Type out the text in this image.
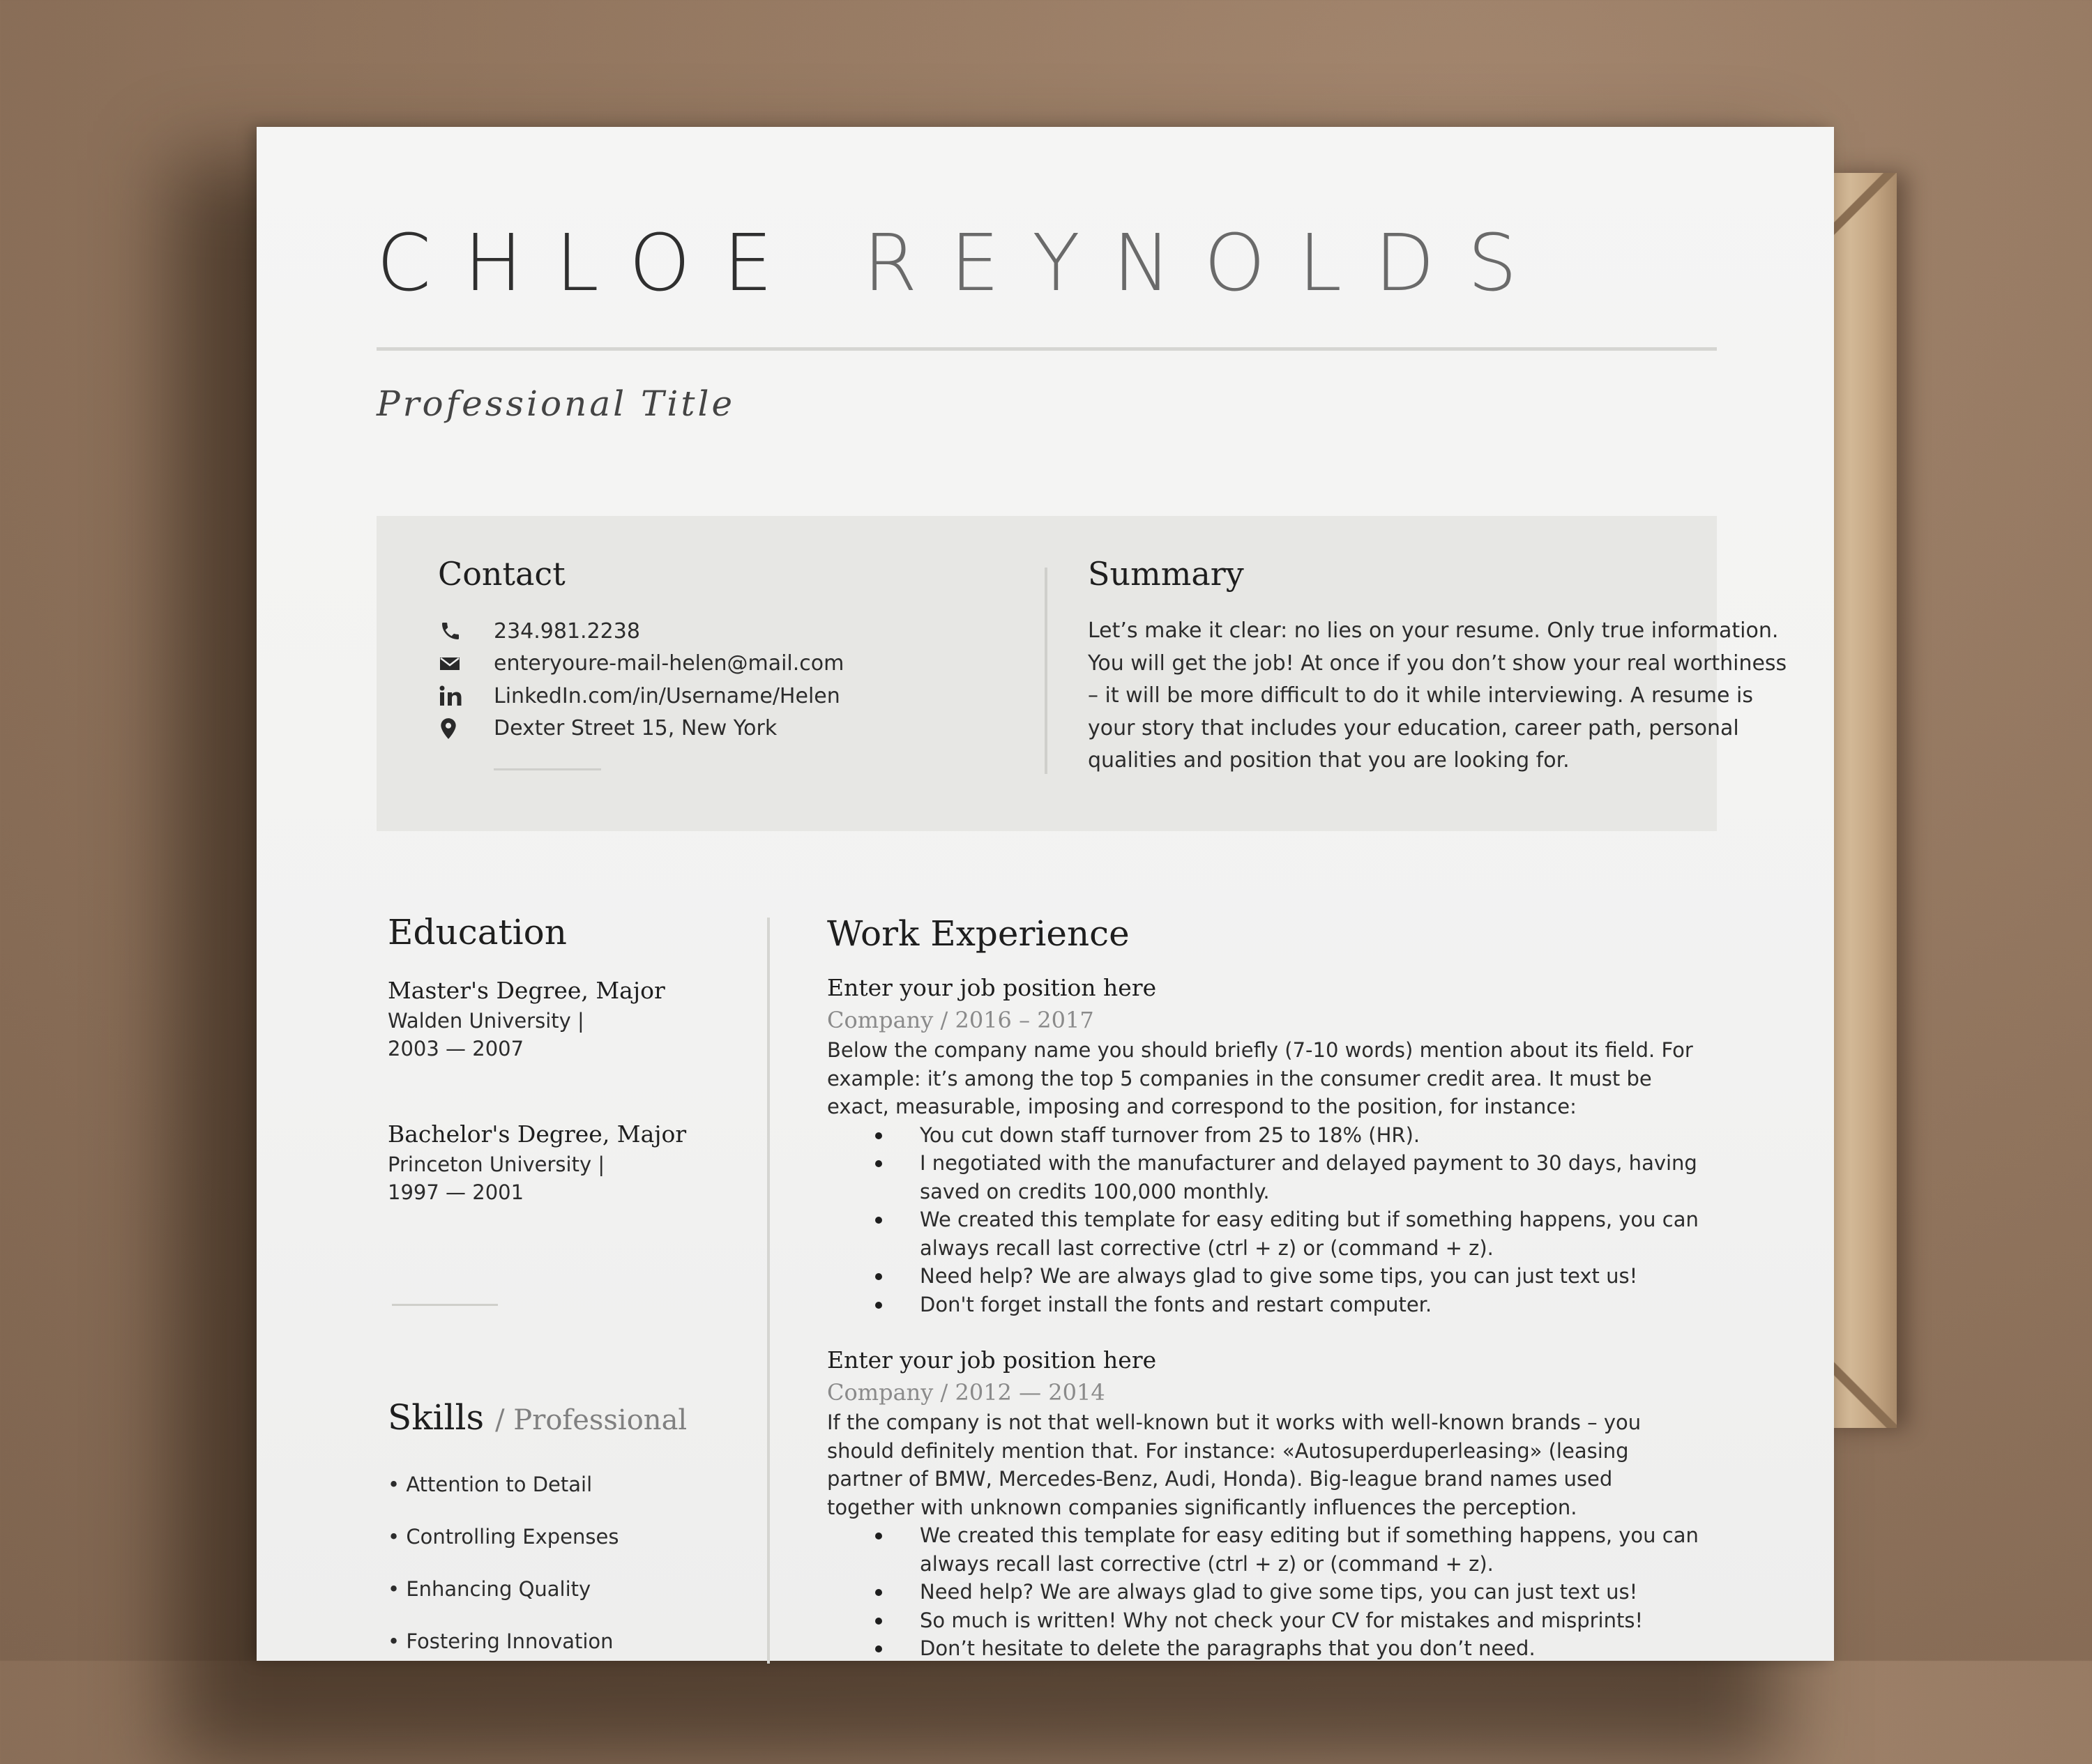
CHLOE REYNOLDS
Professional Title
Contact
234.981.2238
enteryoure-mail-helen@mail.com
LinkedIn.com/in/Username/Helen
Dexter Street 15, New York
Summary
Let’s make it clear: no lies on your resume. Only true information. You will get the job! At once if you don’t show your real worthiness – it will be more difficult to do it while interviewing. A resume is your story that includes your education, career path, personal qualities and position that you are looking for.
Education
Master's Degree, Major
Walden University |
2003 — 2007
Bachelor's Degree, Major
Princeton University |
1997 — 2001
Skills / Professional
• Attention to Detail
• Controlling Expenses
• Enhancing Quality
• Fostering Innovation
Work Experience
Enter your job position here
Company / 2016 – 2017
Below the company name you should briefly (7-10 words) mention about its field. For example: it’s among the top 5 companies in the consumer credit area. It must be exact, measurable, imposing and correspond to the position, for instance:
You cut down staff turnover from 25 to 18% (HR).
I negotiated with the manufacturer and delayed payment to 30 days, having saved on credits 100,000 monthly.
We created this template for easy editing but if something happens, you can always recall last corrective (ctrl + z) or (command + z).
Need help? We are always glad to give some tips, you can just text us!
Don't forget install the fonts and restart computer.
Enter your job position here
Company / 2012 — 2014
If the company is not that well-known but it works with well-known brands – you should definitely mention that. For instance: «Autosuperduperleasing» (leasing partner of BMW, Mercedes-Benz, Audi, Honda). Big-league brand names used together with unknown companies significantly influences the perception.
We created this template for easy editing but if something happens, you can always recall last corrective (ctrl + z) or (command + z).
Need help? We are always glad to give some tips, you can just text us!
So much is written! Why not check your CV for mistakes and misprints!
Don’t hesitate to delete the paragraphs that you don’t need.
